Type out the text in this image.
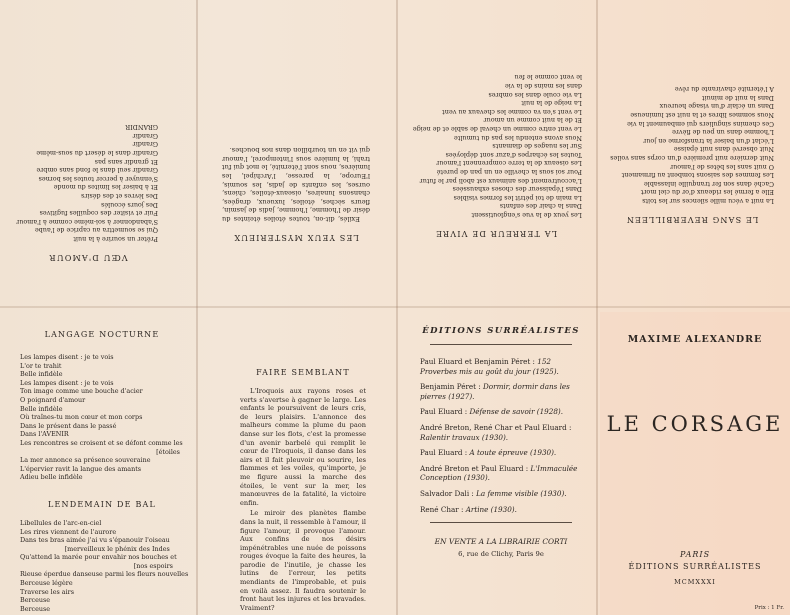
VŒU D'AMOUR
Prêter un sourire à la nuit
Qui se soumettra au caprice de l'aube
S'abandonner à soi-même comme à l'amour
Fuir et visiter des coquilles fugitives
Des jours écoulés
Des lèvres et des désirs
Et à baiser les limites du monde
S'ennuyer à percer toutes les bornes
Grandir seul dans le fond sans ombre
Et grandir sans pas
Grandir dans le désert du sous-même
Grandir
Grandir
GRANDIR
LES YEUX MYSTÉRIEUX

Exilés, dit-on, toutes étoiles éteintes du désir de l'homme, l'homme, jadis de jasmin, fleurs sèches, étoiles, luxueux, dragées, chansons lunaires, oiseaux-étoiles, chiens, ourses, les enfants de jadis, les soumis, l'Europe, la paresse, l'Archipel, les lumières, nous sont l'éternité, le mot qui fut trahi, la lumière sous l'intemporel, l'amour qui vit en un tourbillon dans nos bouches.

LA TERREUR DE VIVRE
Les yeux de la vue s'engloutissent
Dans la chair des enfants
La main de toi pétrit les formes visibles
Dans l'épaisseur des choses exhaussées
L'accoutrement des animaux est aboli par le futur
Pour soi sous la cheville en un pan de pureté
Les oiseaux de la terre comprennent l'amour
Toutes les écharpes d'azur sont déployées
Sur les nuages de diamants
Nous avons entendu les pas du tumulte
Le vent entre comme un cheval de sable et de neige
Et de la nuit comme un amour
Le vent s'en va comme les chevaux au vent
La neige de la nuit
La vie coule dans les ombres
dans les mains de la vie
le vent comme le feu
LE SANG REVERBILLEEN
La nuit a vécu mille silences sur les toits
Elle a fermé les rideaux d'or du ciel mort
Caché dans son fer tranquille inlassable
Les femmes des saisons tombent au firmament
O nuit sans les bêtes de l'amour
Nuit dernière nuit première d'un corps sans voiles
Nuit observé dans nuit épaisse
L'éclat d'un baiser la transforme en jour
L'homme dans un peu de fièvre
Ces chemins singuliers qui embaument la vie
Nous sommes libres et la nuit est lumineuse
Dans un éclair d'un visage heureux
Dans la nuit de minuit
A l'éternité chavirante du rêve
LANGAGE NOCTURNE
Les lampes disent : je te vois
L'or te trahit
Belle infidèle
Les lampes disent : je te vois
Ton image comme une bouche d'acier
O poignard d'amour
Belle infidèle
Où traînes-tu mon cœur et mon corps
Dans le présent dans le passé
Dans l'AVENIR
Les rencontres se croisent et se défont comme les
[étoiles
La mer annonce sa présence souveraine
L'épervier ravit la langue des amants
Adieu belle infidèle
LENDEMAIN DE BAL
Libellules de l'arc-en-ciel
Les rires viennent de l'aurore
Dans tes bras aimée j'ai vu s'épanouir l'oiseau
[merveilleux le phénix des Indes
Qu'attend la marée pour envahir nos bouches et
[nos espoirs
Rieuse éperdue danseuse parmi les fleurs nouvelles
Berceuse légère
Traverse les airs
Berceuse
Berceuse
FAIRE SEMBLANT

L'Iroquois aux rayons roses et verts s'avertse à gagner le large. Les enfants le poursuivent de leurs cris, de leurs plaisirs. L'annonce des malheurs comme la plume du paon danse sur les flots, c'est la promesse d'un avenir barbelé qui remplit le cœur de l'Iroquois, il danse dans les airs et il fait pleuvoir ou sourire, les flammes et les voiles, qu'importe, je me figure aussi la marche des étoiles, le vent sur la mer, les manœuvres de la fatalité, la victoire enfin.

Le miroir des planètes flambe dans la nuit, il ressemble à l'amour, il figure l'amour, il provoque l'amour. Aux confins de nos désirs impénétrables une nuée de poissons rouges évoque la faite des heures, la parodie de l'inutile, je chasse les lutins de l'erreur, les petits mendiants de l'improbable, et puis en voilà assez. Il faudra soutenir le front haut les injures et les bravades. Vraiment?

ÉDITIONS SURRÉALISTES
Paul Eluard et Benjamin Péret : 152 Proverbes mis au goût du jour (1925).
Benjamin Péret : Dormir, dormir dans les pierres (1927).
Paul Eluard : Défense de savoir (1928).
André Breton, René Char et Paul Eluard : Ralentir travaux (1930).
Paul Eluard : A toute épreuve (1930).
André Breton et Paul Eluard : L'Immaculée Conception (1930).
Salvador Dali : La femme visible (1930).
René Char : Artine (1930).
EN VENTE A LA LIBRAIRIE CORTI
6, rue de Clichy, Paris 9e
MAXIME ALEXANDRE
LE CORSAGE
PARIS
ÉDITIONS SURRÉALISTES
MCMXXXI
Prix : 1 Fr.
